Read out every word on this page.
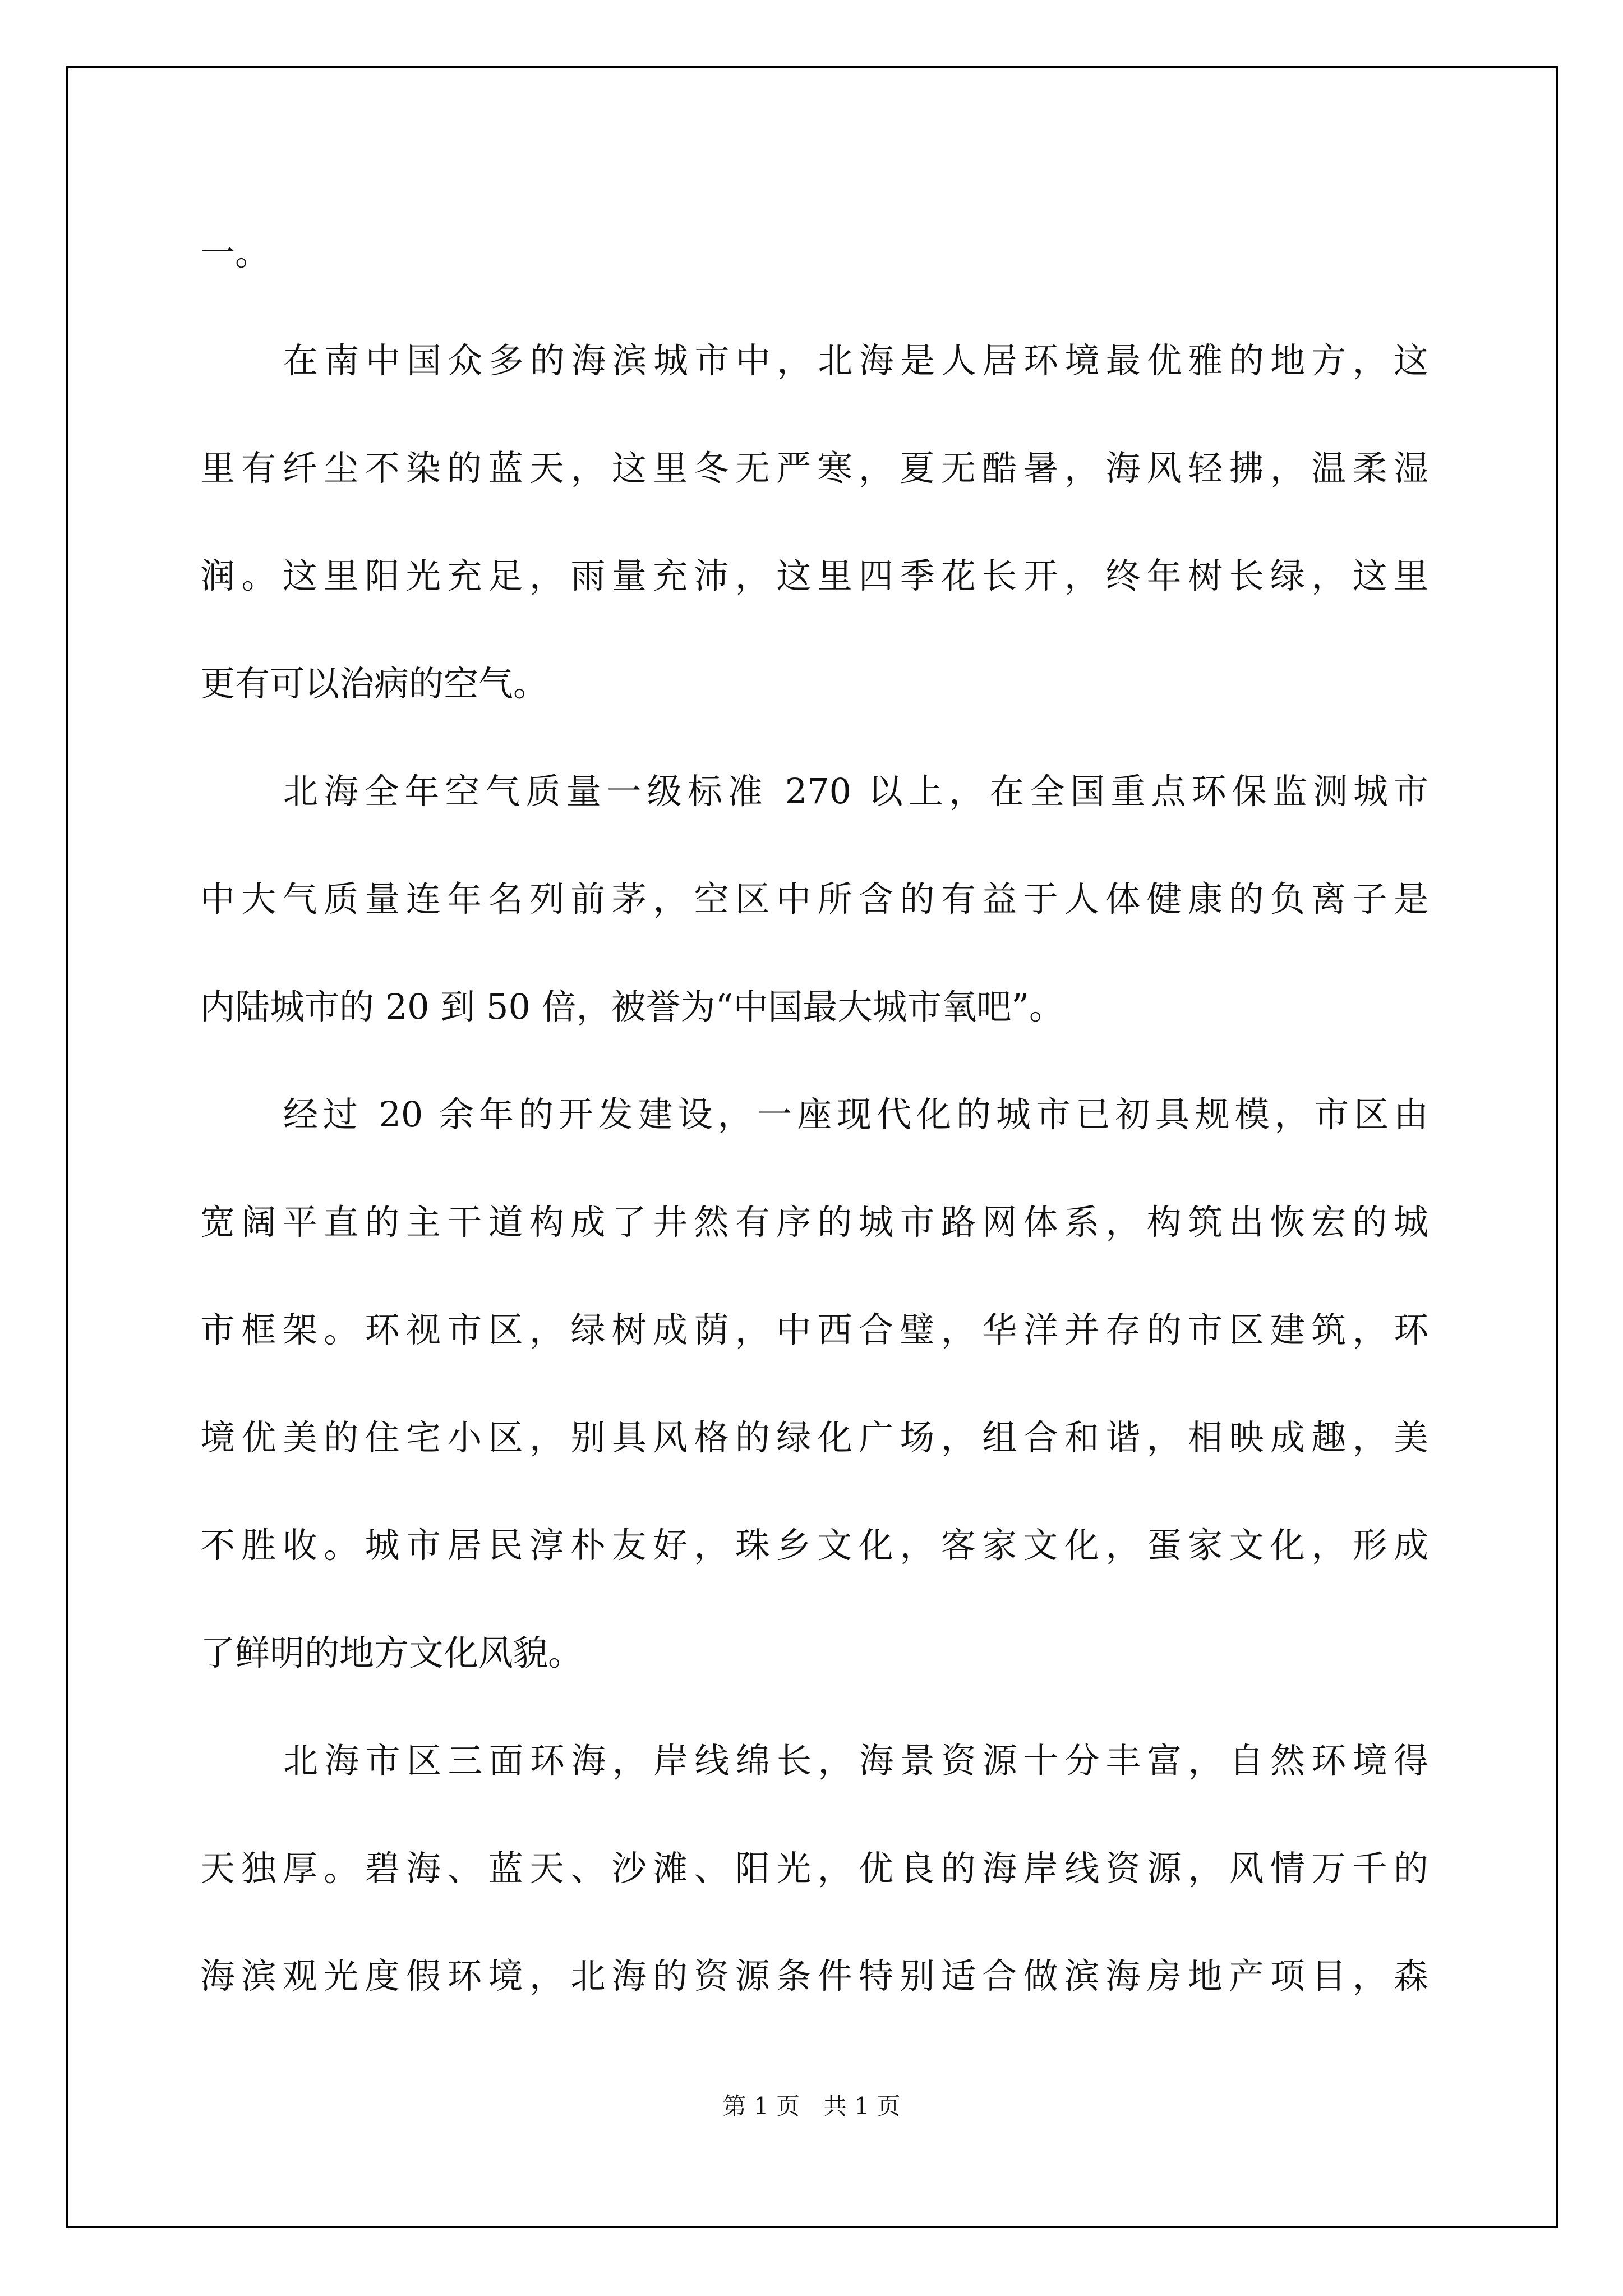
一。
在南中国众多的海滨城市中，北海是人居环境最优雅的地方，这
里有纤尘不染的蓝天，这里冬无严寒，夏无酷暑，海风轻拂，温柔湿
润。这里阳光充足，雨量充沛，这里四季花长开，终年树长绿，这里
更有可以治病的空气。
北海全年空气质量一级标准 270 以上，在全国重点环保监测城市
中大气质量连年名列前茅，空区中所含的有益于人体健康的负离子是
内陆城市的 20 到 50 倍，被誉为“中国最大城市氧吧”。
经过 20 余年的开发建设，一座现代化的城市已初具规模，市区由
宽阔平直的主干道构成了井然有序的城市路网体系，构筑出恢宏的城
市框架。环视市区，绿树成荫，中西合璧，华洋并存的市区建筑，环
境优美的住宅小区，别具风格的绿化广场，组合和谐，相映成趣，美
不胜收。城市居民淳朴友好，珠乡文化，客家文化，蛋家文化，形成
了鲜明的地方文化风貌。
北海市区三面环海，岸线绵长，海景资源十分丰富，自然环境得
天独厚。碧海、蓝天、沙滩、阳光，优良的海岸线资源，风情万千的
海滨观光度假环境，北海的资源条件特别适合做滨海房地产项目，森
第 1 页　共 1 页
